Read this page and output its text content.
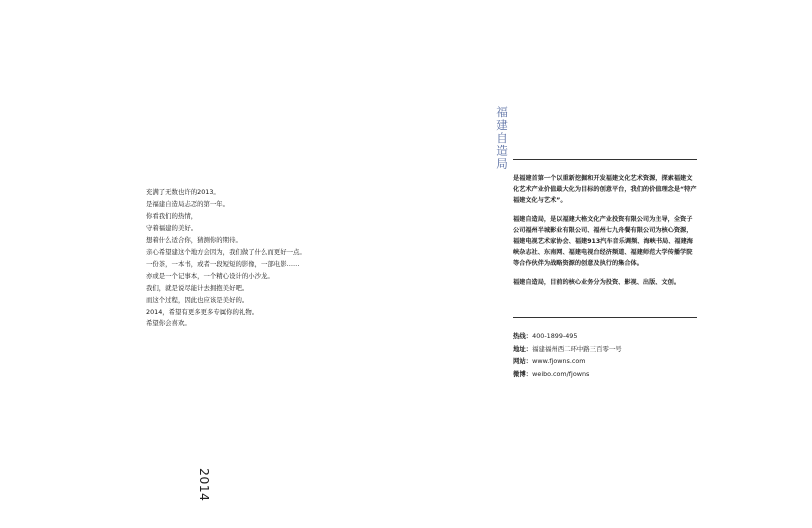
充满了无数也许的2013。
是福建自造局忐忑的第一年。
你看我们的热情，
守着福建的美好。
想着什么适合你，猜测你的期待。
亲心希望建这个地方会因为，我们做了什么而更好一点。
一份茶，一本书，或者一段短短的影像，一部电影……
亦或是一个记事本，一个精心设计的小沙龙。
我们，就是说尽能计去拥抱美好吧。
而这个过程，因此也应该是美好的。
2014，希望有更多更多专属你的礼物。
希望你会喜欢。
2014
福建自造局

是福建首第一个以重新挖掘和开发福建文化艺术资源，探索福建文化艺术产业价值最大化为目标的创意平台，我们的价值理念是“特产福建文化与艺术”。

福建自造局，是以福建大格文化产业投资有限公司为主导，全资子公司福州半城影业有限公司、福州七九舟餐有限公司为核心资源，福建电视艺术家协会、福建913汽车音乐调频、海峡书局、福建海峡杂志社、东南网、福建电视台经济频道、福建师范大学传播学院等合作伙伴为战略资源的创意及执行的集合体。

福建自造局，目前的核心业务分为投资、影视、出版、文创。

热线：400-1899-495
地址：福建福州西二环中路三百零一号
网站：www.fjowns.com
微博：weibo.com/fjowns
